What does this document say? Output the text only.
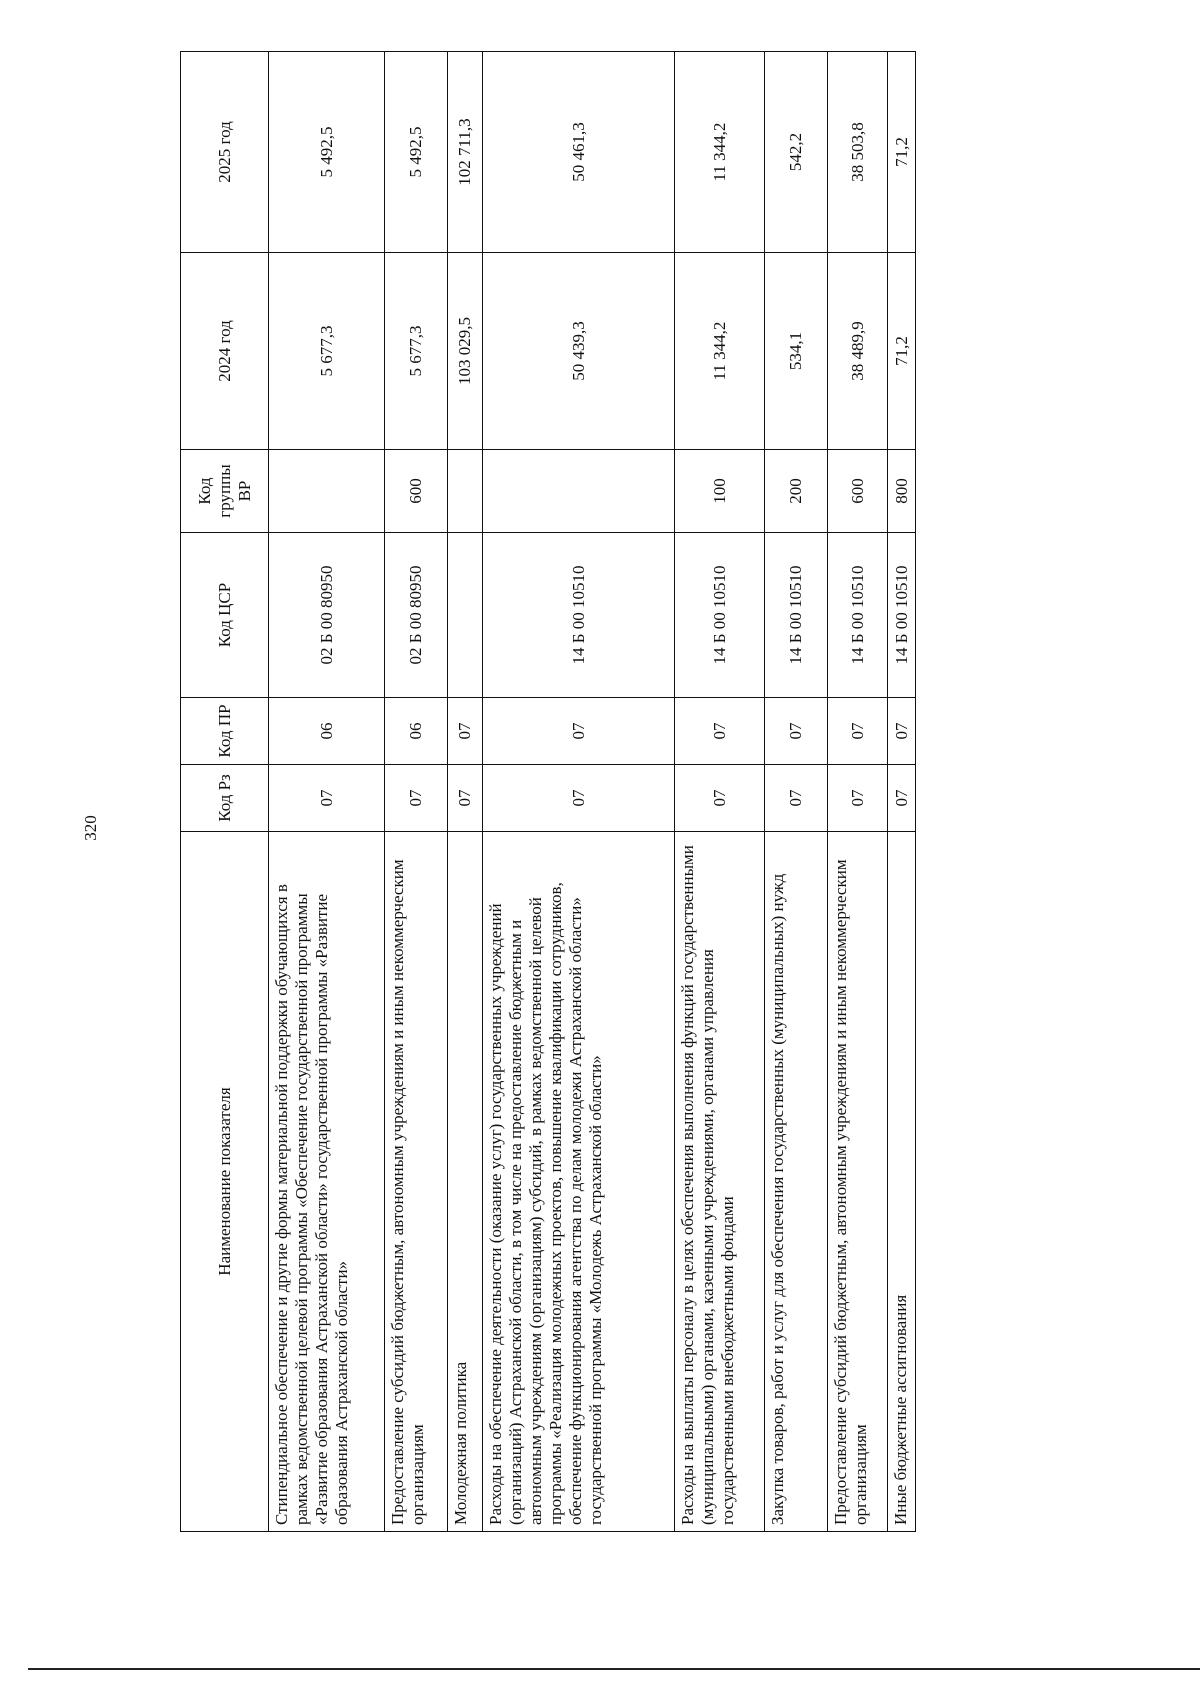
320
Наименование показателя	Код Рз	Код ПР	Код ЦСР	Код группы ВР	2024 год	2025 год
Стипендиальное обеспечение и другие формы материальной поддержки обучающихся в рамках ведомственной целевой программы «Обеспечение государственной программы «Развитие образования Астраханской области» государственной программы «Развитие образования Астраханской области»	07	06	02 Б 00 80950		5 677,3	5 492,5
Предоставление субсидий бюджетным, автономным учреждениям и иным некоммерческим организациям	07	06	02 Б 00 80950	600	5 677,3	5 492,5
Молодежная политика	07	07			103 029,5	102 711,3
Расходы на обеспечение деятельности (оказание услуг) государственных учреждений (организаций) Астраханской области, в том числе на предоставление бюджетным и автономным учреждениям (организациям) субсидий, в рамках ведомственной целевой программы «Реализация молодежных проектов, повышение квалификации сотрудников, обеспечение функционирования агентства по делам молодежи Астраханской области» государственной программы «Молодежь Астраханской области»	07	07	14 Б 00 10510		50 439,3	50 461,3
Расходы на выплаты персоналу в целях обеспечения выполнения функций государственными (муниципальными) органами, казенными учреждениями, органами управления государственными внебюджетными фондами	07	07	14 Б 00 10510	100	11 344,2	11 344,2
Закупка товаров, работ и услуг для обеспечения государственных (муниципальных) нужд	07	07	14 Б 00 10510	200	534,1	542,2
Предоставление субсидий бюджетным, автономным учреждениям и иным некоммерческим организациям	07	07	14 Б 00 10510	600	38 489,9	38 503,8
Иные бюджетные ассигнования	07	07	14 Б 00 10510	800	71,2	71,2
